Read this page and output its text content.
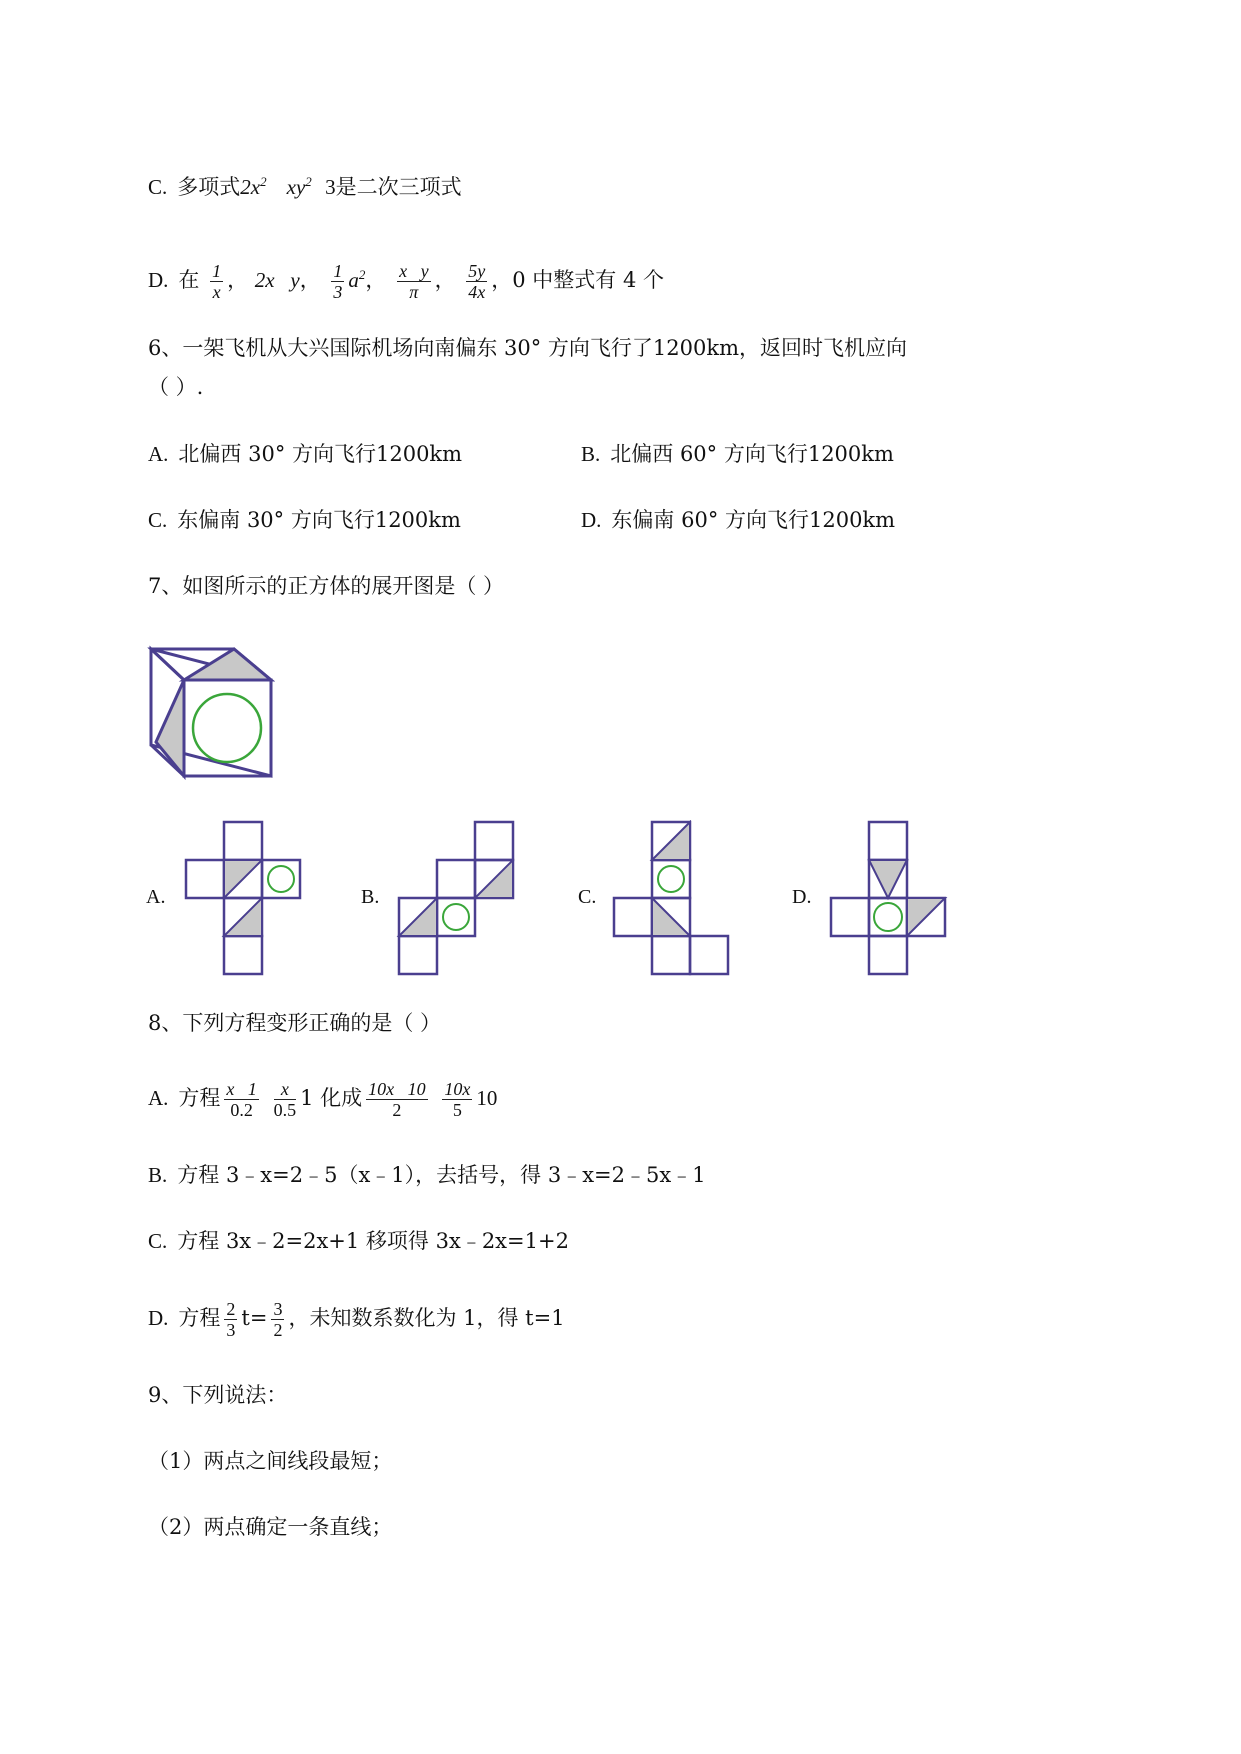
C. 多项式$2x^2$ $xy^2$ 3是二次三项式
D. 在 $\frac{1}{x}$ ， 2x   y， $\frac{1}{3} a^2$， $\frac{\text{x   y}}{\pi}$ ， $\frac{5y}{4x}$ ，0 中整式有 4 个
6、一架飞机从大兴国际机场向南偏东 30° 方向飞行了1200km，返回时飞机应向
（ ）.
A. 北偏西 30° 方向飞行1200km	B. 北偏西 60° 方向飞行1200km
C. 东偏南 30° 方向飞行1200km	D. 东偏南 60° 方向飞行1200km
7、如图所示的正方体的展开图是（ ）
A.	B.	C.	D.
8、下列方程变形正确的是（ ）
A. 方程 $\frac{x 1}{0.2}$
$\frac{x}{0.5} 1$ 化成 $\frac{10x 10}{2}$
$\frac{10x}{5} 10$
B. 方程 3﹣x=2﹣5（x﹣1），去括号，得 3﹣x=2﹣5x﹣1
C. 方程 3x﹣2=2x+1 移项得 3x﹣2x=1+2
D. 方程 $\frac{2}{3} t= \frac{3}{2}$ ，未知数系数化为 1，得 t=1
9、下列说法：
（1）两点之间线段最短；
（2）两点确定一条直线；
